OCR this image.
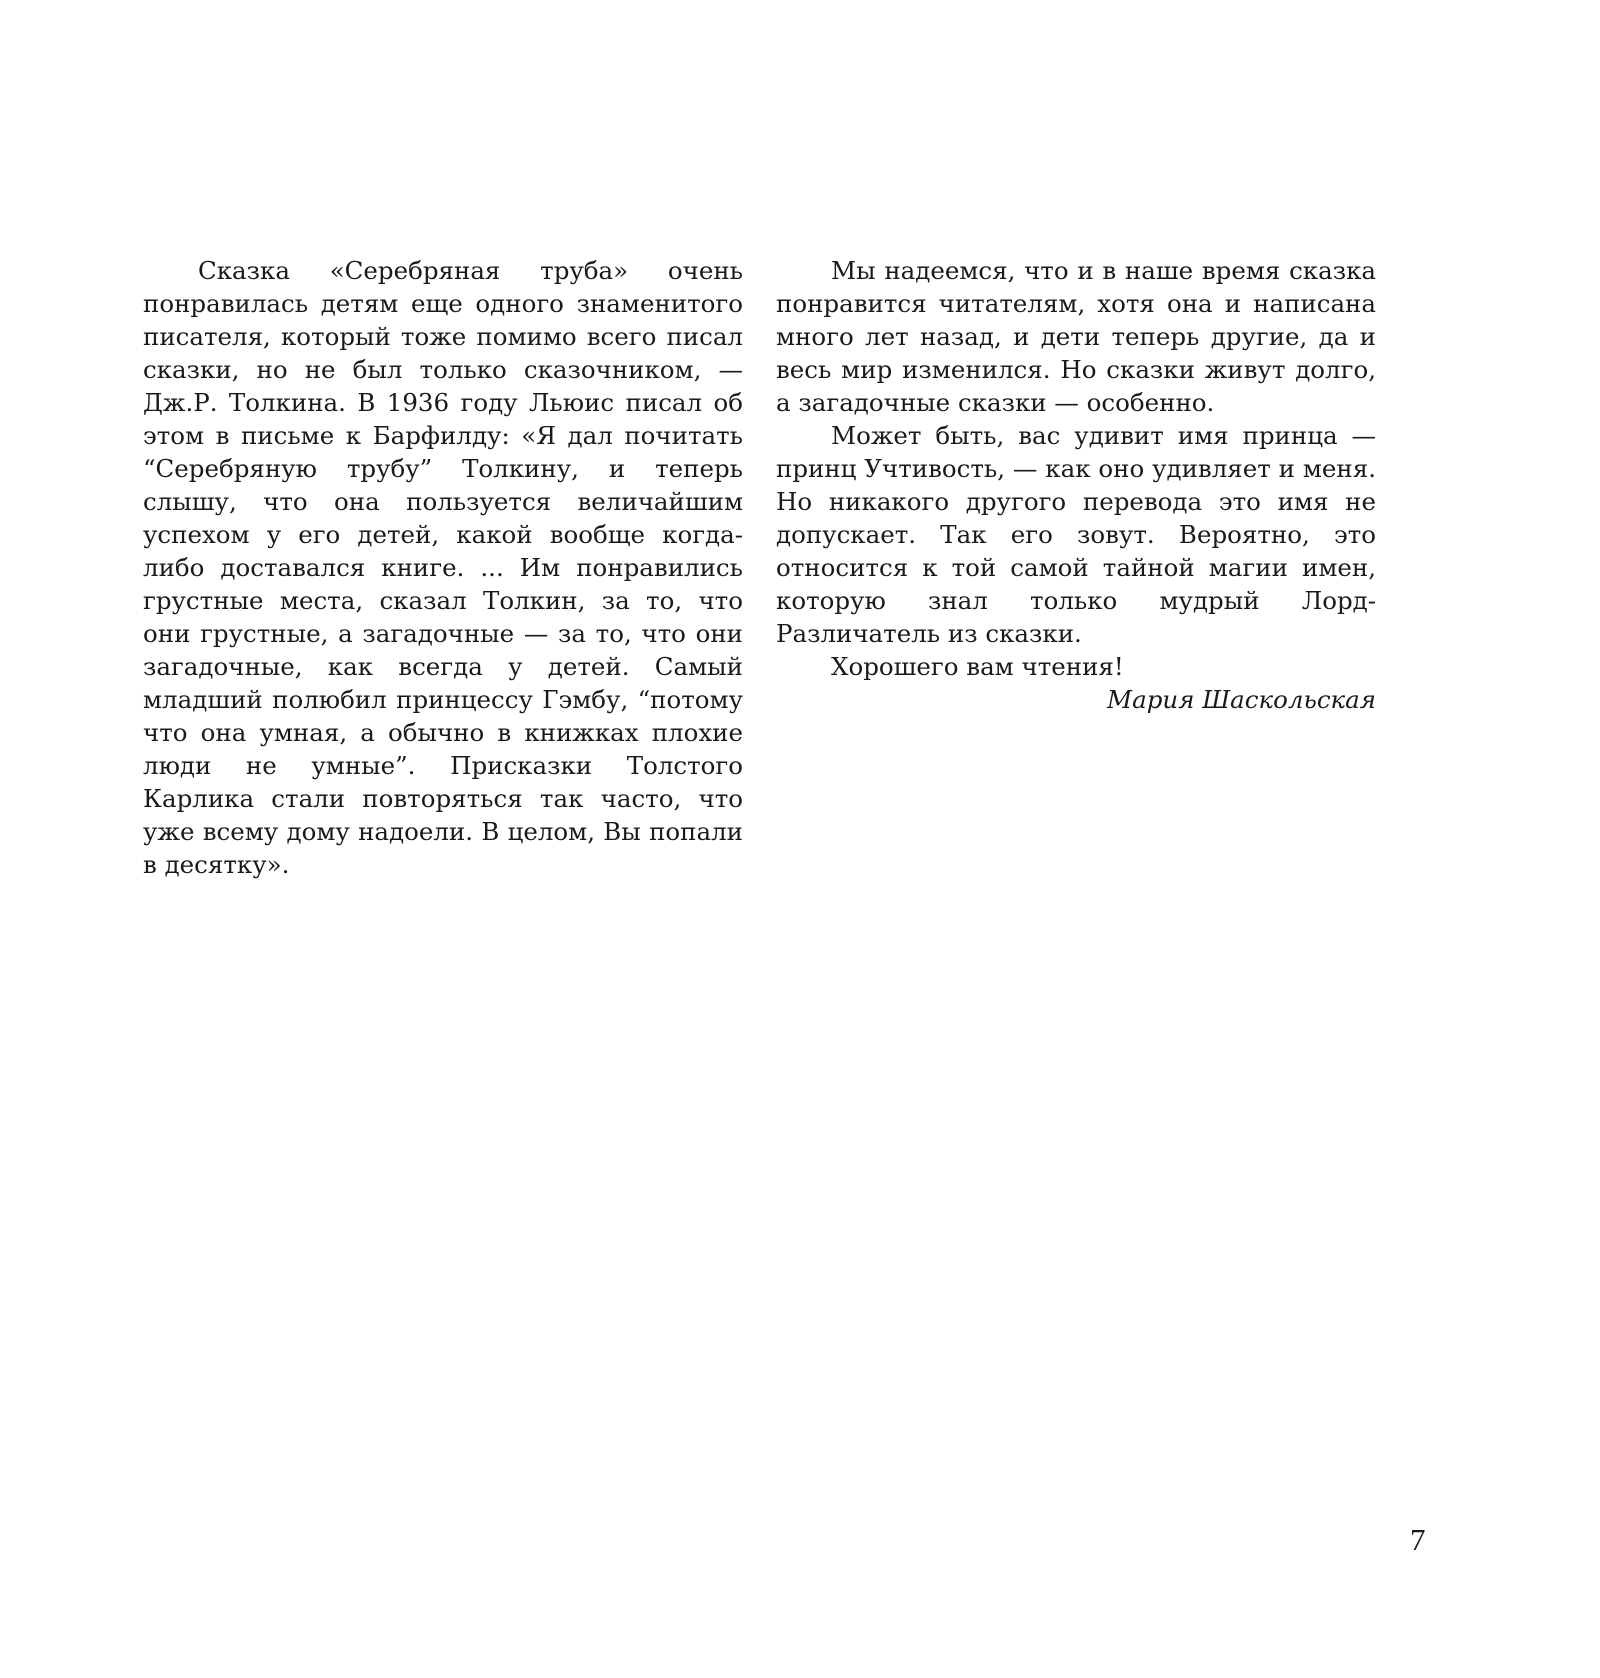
Сказка «Серебряная труба» очень понравилась детям еще одного знаменитого писателя, который тоже помимо всего писал сказки, но не был только сказочником, — Дж.Р. Толкина. В 1936 году Льюис писал об этом в письме к Барфилду: «Я дал почитать “Серебряную трубу” Толкину, и теперь слышу, что она пользуется величайшим успехом у его детей, какой вообще когда-либо доставался книге. ... Им понравились грустные места, сказал Толкин, за то, что они грустные, а загадочные — за то, что они загадочные, как всегда у детей. Самый младший полюбил принцессу Гэмбу, “потому что она умная, а обычно в книжках плохие люди не умные”. Присказки Толстого Карлика стали повторяться так часто, что уже всему дому надоели. В целом, Вы попали в десятку».

Мы надеемся, что и в наше время сказка понравится читателям, хотя она и написана много лет назад, и дети теперь другие, да и весь мир изменился. Но сказки живут долго, а загадочные сказки — особенно.

Может быть, вас удивит имя принца — принц Учтивость, — как оно удивляет и меня. Но никакого другого перевода это имя не допускает. Так его зовут. Вероятно, это относится к той самой тайной магии имен, которую знал только мудрый Лорд-Различатель из сказки.

Хорошего вам чтения!

Мария Шаскольская

7
